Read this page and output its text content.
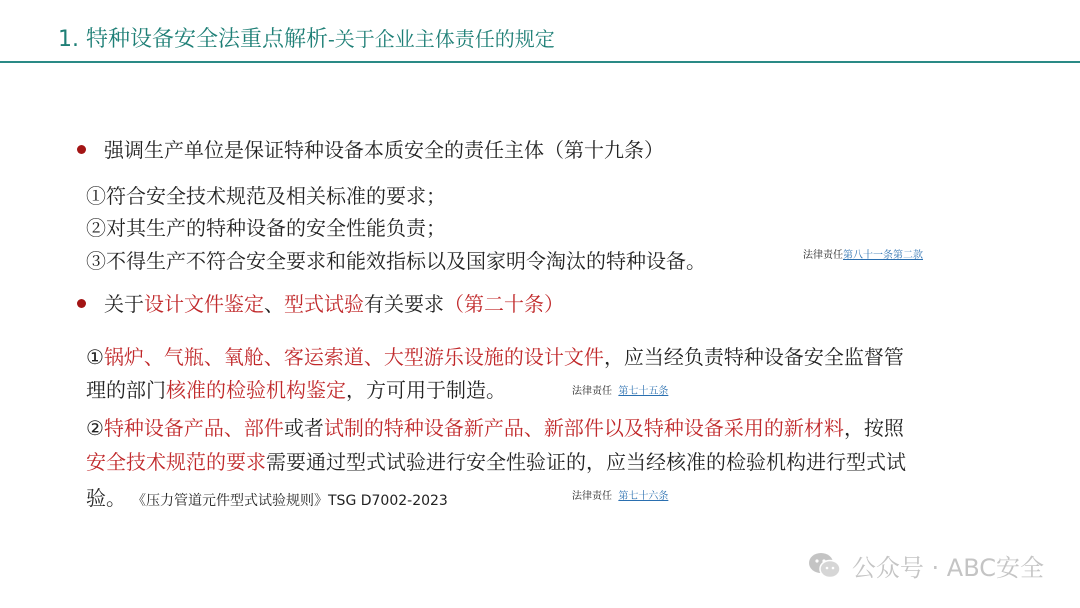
1. 特种设备安全法重点解析-关于企业主体责任的规定
强调生产单位是保证特种设备本质安全的责任主体（第十九条）
①符合安全技术规范及相关标准的要求；
②对其生产的特种设备的安全性能负责；
③不得生产不符合安全要求和能效指标以及国家明令淘汰的特种设备。	法律责任第八十一条第二款
关于设计文件鉴定、型式试验有关要求（第二十条）
①锅炉、气瓶、氧舱、客运索道、大型游乐设施的设计文件，应当经负责特种设备安全监督管
理的部门核准的检验机构鉴定，方可用于制造。	法律责任 第七十五条
②特种设备产品、部件或者试制的特种设备新产品、新部件以及特种设备采用的新材料，按照
安全技术规范的要求需要通过型式试验进行安全性验证的，应当经核准的检验机构进行型式试
验。 《压力管道元件型式试验规则》TSG D7002-2023	法律责任 第七十六条
公众号 · ABC安全
